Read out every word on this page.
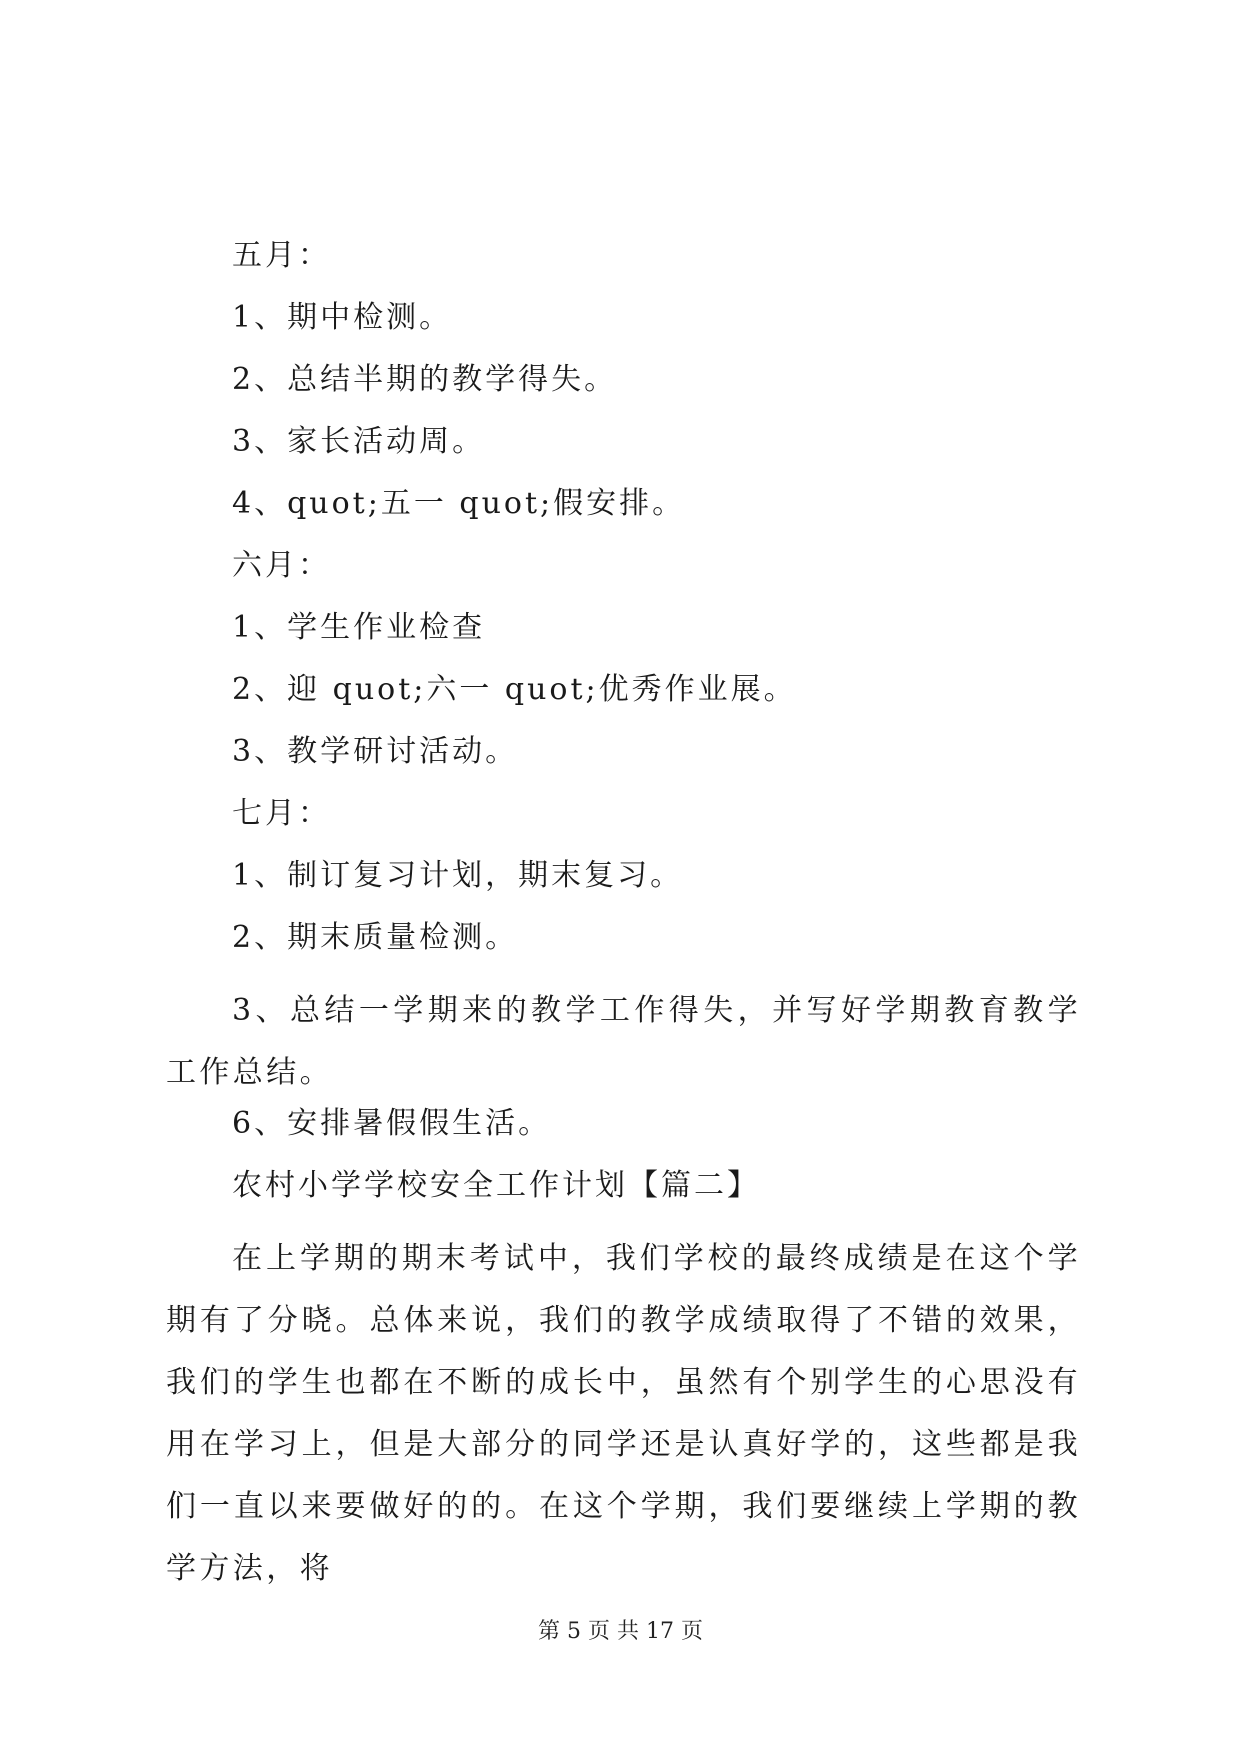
五月：
1、期中检测。
2、总结半期的教学得失。
3、家长活动周。
4、quot;五一 quot;假安排。
六月：
1、学生作业检查
2、迎 quot;六一 quot;优秀作业展。
3、教学研讨活动。
七月：
1、制订复习计划，期末复习。
2、期末质量检测。

3、总结一学期来的教学工作得失，并写好学期教育教学工作总结。

6、安排暑假假生活。
农村小学学校安全工作计划【篇二】

在上学期的期末考试中，我们学校的最终成绩是在这个学期有了分晓。总体来说，我们的教学成绩取得了不错的效果，我们的学生也都在不断的成长中，虽然有个别学生的心思没有用在学习上，但是大部分的同学还是认真好学的，这些都是我们一直以来要做好的的。在这个学期，我们要继续上学期的教学方法，将

第 5 页 共 17 页
